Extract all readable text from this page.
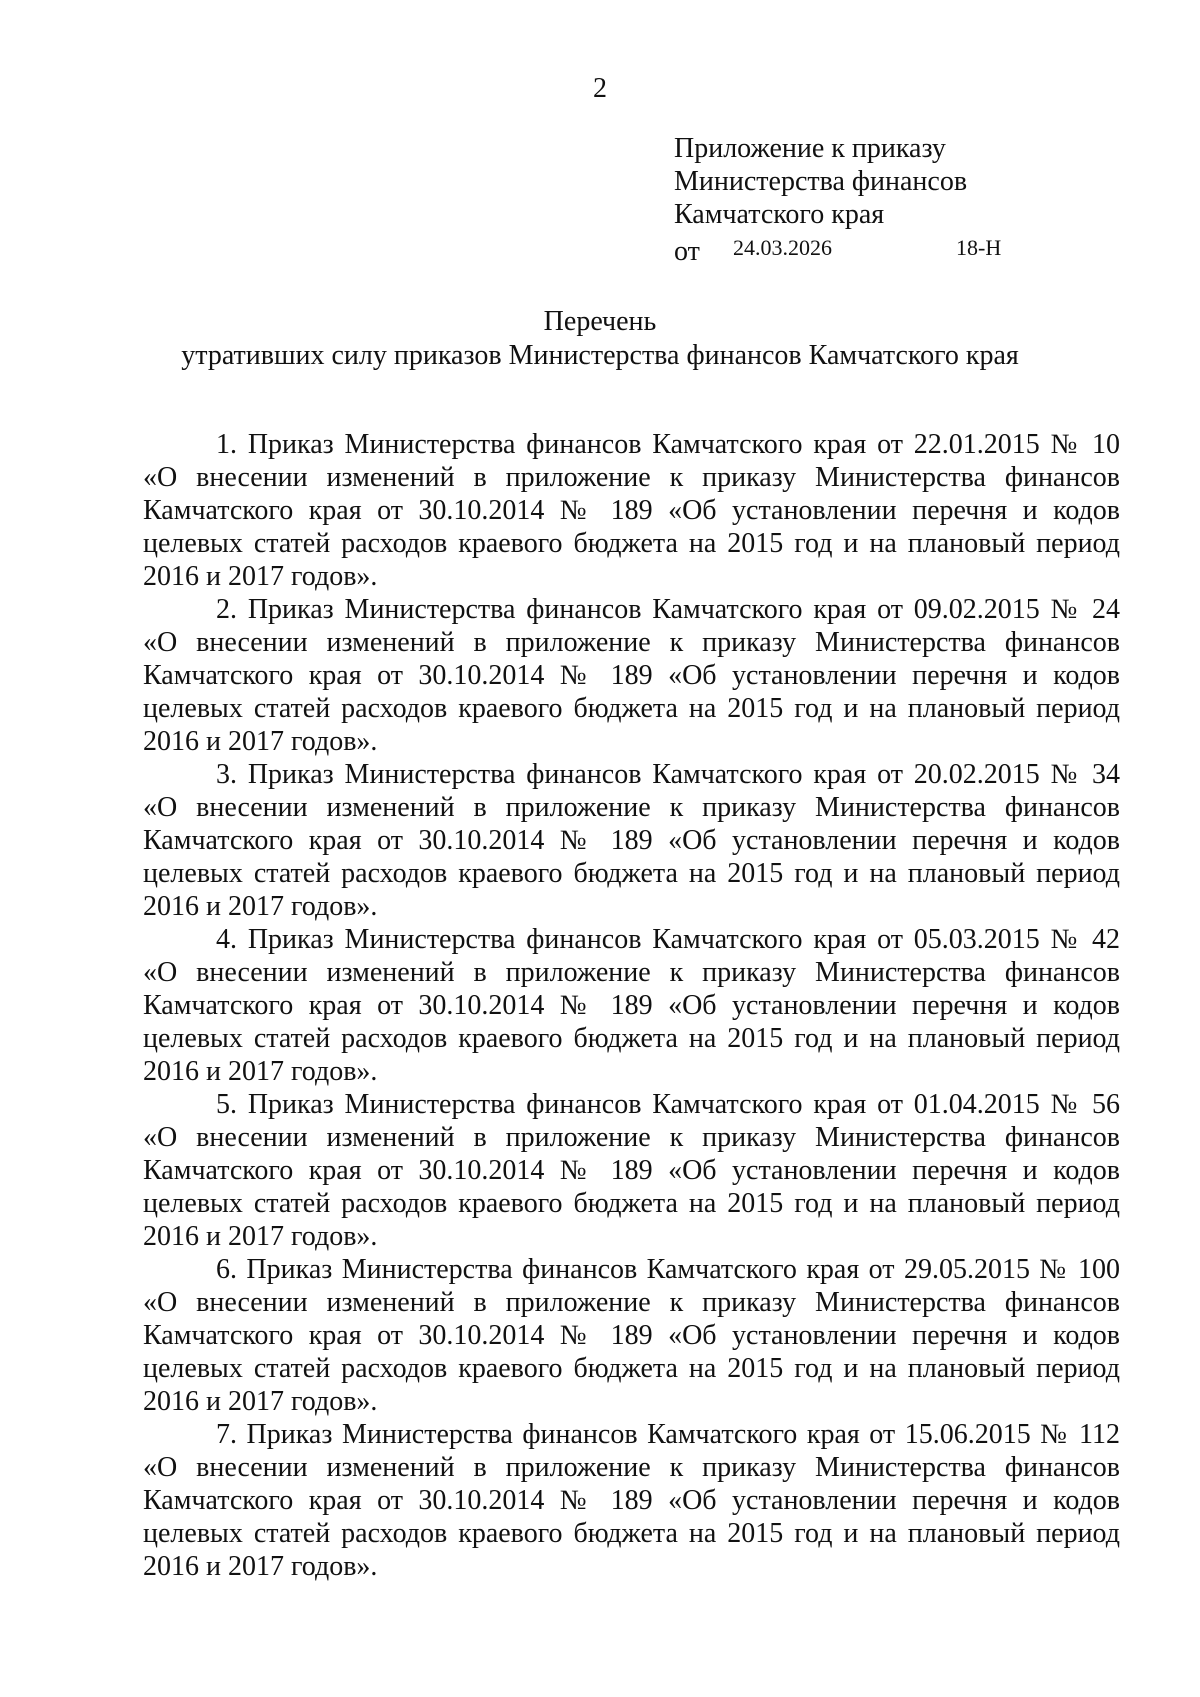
2
Приложение к приказу
Министерства финансов
Камчатского края
от 24.03.2026	18-Н
Перечень
утративших силу приказов Министерства финансов Камчатского края
1. Приказ Министерства финансов Камчатского края от 22.01.2015 № 10
«О внесении изменений в приложение к приказу Министерства финансов
Камчатского края от 30.10.2014 № 189 «Об установлении перечня и кодов
целевых статей расходов краевого бюджета на 2015 год и на плановый период
2016 и 2017 годов».
2. Приказ Министерства финансов Камчатского края от 09.02.2015 № 24
«О внесении изменений в приложение к приказу Министерства финансов
Камчатского края от 30.10.2014 № 189 «Об установлении перечня и кодов
целевых статей расходов краевого бюджета на 2015 год и на плановый период
2016 и 2017 годов».
3. Приказ Министерства финансов Камчатского края от 20.02.2015 № 34
«О внесении изменений в приложение к приказу Министерства финансов
Камчатского края от 30.10.2014 № 189 «Об установлении перечня и кодов
целевых статей расходов краевого бюджета на 2015 год и на плановый период
2016 и 2017 годов».
4. Приказ Министерства финансов Камчатского края от 05.03.2015 № 42
«О внесении изменений в приложение к приказу Министерства финансов
Камчатского края от 30.10.2014 № 189 «Об установлении перечня и кодов
целевых статей расходов краевого бюджета на 2015 год и на плановый период
2016 и 2017 годов».
5. Приказ Министерства финансов Камчатского края от 01.04.2015 № 56
«О внесении изменений в приложение к приказу Министерства финансов
Камчатского края от 30.10.2014 № 189 «Об установлении перечня и кодов
целевых статей расходов краевого бюджета на 2015 год и на плановый период
2016 и 2017 годов».
6. Приказ Министерства финансов Камчатского края от 29.05.2015 № 100
«О внесении изменений в приложение к приказу Министерства финансов
Камчатского края от 30.10.2014 № 189 «Об установлении перечня и кодов
целевых статей расходов краевого бюджета на 2015 год и на плановый период
2016 и 2017 годов».
7. Приказ Министерства финансов Камчатского края от 15.06.2015 № 112
«О внесении изменений в приложение к приказу Министерства финансов
Камчатского края от 30.10.2014 № 189 «Об установлении перечня и кодов
целевых статей расходов краевого бюджета на 2015 год и на плановый период
2016 и 2017 годов».
